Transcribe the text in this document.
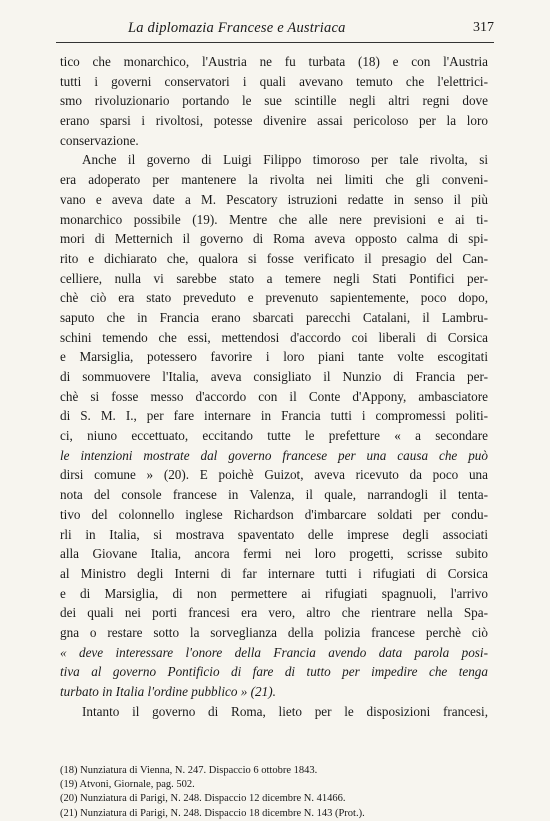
La diplomazia Francese e Austriaca	317
tico che monarchico, l'Austria ne fu turbata (18) e con l'Austria
tutti i governi conservatori i quali avevano temuto che l'elettrici-
smo rivoluzionario portando le sue scintille negli altri regni dove
erano sparsi i rivoltosi, potesse divenire assai pericoloso per la loro
conservazione.
Anche il governo di Luigi Filippo timoroso per tale rivolta, si
era adoperato per mantenere la rivolta nei limiti che gli conveni-
vano e aveva date a M. Pescatory istruzioni redatte in senso il più
monarchico possibile (19). Mentre che alle nere previsioni e ai ti-
mori di Metternich il governo di Roma aveva opposto calma di spi-
rito e dichiarato che, qualora si fosse verificato il presagio del Can-
celliere, nulla vi sarebbe stato a temere negli Stati Pontifici per-
chè ciò era stato preveduto e prevenuto sapientemente, poco dopo,
saputo che in Francia erano sbarcati parecchi Catalani, il Lambru-
schini temendo che essi, mettendosi d'accordo coi liberali di Corsica
e Marsiglia, potessero favorire i loro piani tante volte escogitati
di sommuovere l'Italia, aveva consigliato il Nunzio di Francia per-
chè si fosse messo d'accordo con il Conte d'Appony, ambasciatore
di S. M. I., per fare internare in Francia tutti i compromessi politi-
ci, niuno eccettuato, eccitando tutte le prefetture « a secondare
le intenzioni mostrate dal governo francese per una causa che può
dirsi comune » (20). E poichè Guizot, aveva ricevuto da poco una
nota del console francese in Valenza, il quale, narrandogli il tenta-
tivo del colonnello inglese Richardson d'imbarcare soldati per condu-
rli in Italia, si mostrava spaventato delle imprese degli associati
alla Giovane Italia, ancora fermi nei loro progetti, scrisse subito
al Ministro degli Interni di far internare tutti i rifugiati di Corsica
e di Marsiglia, di non permettere ai rifugiati spagnuoli, l'arrivo
dei quali nei porti francesi era vero, altro che rientrare nella Spa-
gna o restare sotto la sorveglianza della polizia francese perchè ciò
« deve interessare l'onore della Francia avendo data parola posi-
tiva al governo Pontificio di fare di tutto per impedire che tenga
turbato in Italia l'ordine pubblico » (21).
Intanto il governo di Roma, lieto per le disposizioni francesi,
(18) Nunziatura di Vienna, N. 247. Dispaccio 6 ottobre 1843.
(19) Atvoni, Giornale, pag. 502.
(20) Nunziatura di Parigi, N. 248. Dispaccio 12 dicembre N. 41466.
(21) Nunziatura di Parigi, N. 248. Dispaccio 18 dicembre N. 143 (Prot.).
